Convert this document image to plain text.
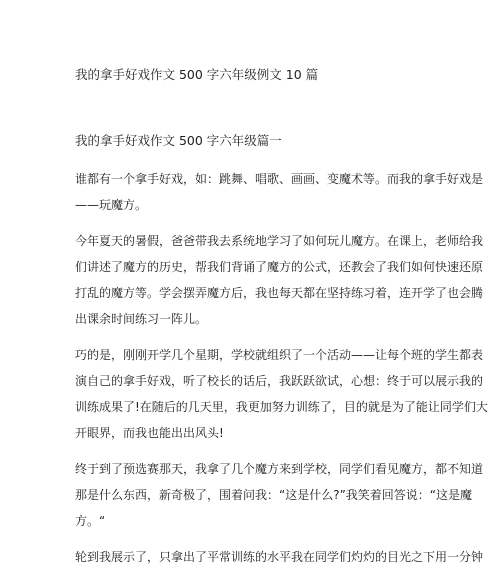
我的拿手好戏作文 500 字六年级例文 10 篇
我的拿手好戏作文 500 字六年级篇一
谁都有一个拿手好戏，如：跳舞、唱歌、画画、变魔术等。而我的拿手好戏是
——玩魔方。
今年夏天的暑假，爸爸带我去系统地学习了如何玩儿魔方。在课上，老师给我
们讲述了魔方的历史，帮我们背诵了魔方的公式，还教会了我们如何快速还原
打乱的魔方等。学会摆弄魔方后，我也每天都在坚持练习着，连开学了也会腾
出课余时间练习一阵儿。
巧的是，刚刚开学几个星期，学校就组织了一个活动——让每个班的学生都表
演自己的拿手好戏，听了校长的话后，我跃跃欲试，心想：终于可以展示我的
训练成果了!在随后的几天里，我更加努力训练了，目的就是为了能让同学们大
开眼界，而我也能出出风头!
终于到了预选赛那天，我拿了几个魔方来到学校，同学们看见魔方，都不知道
那是什么东西，新奇极了，围着问我：“这是什么?”我笑着回答说：“这是魔
方。“
轮到我展示了，只拿出了平常训练的水平我在同学们灼灼的目光之下用一分钟
